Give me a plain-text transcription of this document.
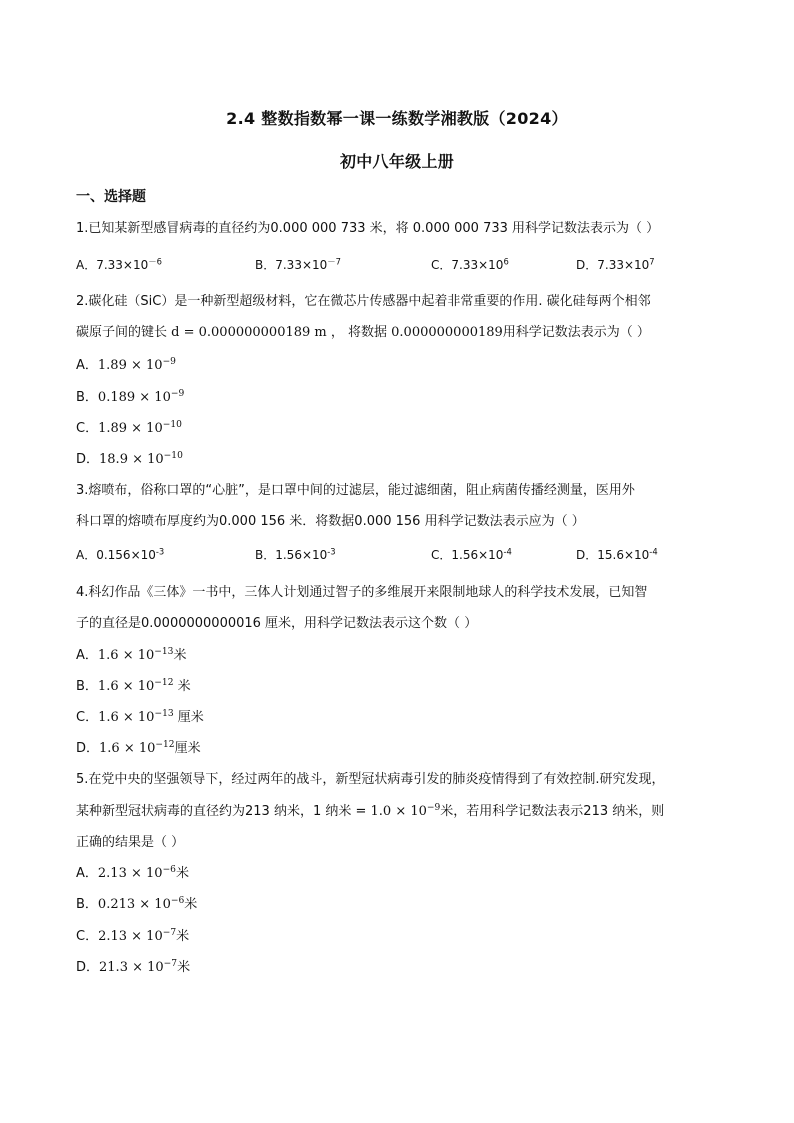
2.4 整数指数幂一课一练数学湘教版（2024）
初中八年级上册
一、选择题
1.已知某新型感冒病毒的直径约为0.000 000 733 米，将 0.000 000 733 用科学记数法表示为（ ）
A．$7.33\times 10^{-6}$	B．$7.33\times 10^{-7}$	C．$7.33\times 10^6$	D．$7.33\times 10^7$
2.碳化硅（SiC）是一种新型超级材料，它在微芯片传感器中起着非常重要的作用. 碳化硅每两个相邻
碳原子间的键长 d = 0.000000000189 m ， 将数据 0.000000000189用科学记数法表示为（ ）
A．$1.89 \times 10^{-9}$
B．$0.189 \times 10^{-9}$
C．$1.89 \times 10^{-10}$
D．$18.9 \times 10^{-10}$
3.熔喷布，俗称口罩的“心脏”，是口罩中间的过滤层，能过滤细菌，阻止病菌传播经测量，医用外
科口罩的熔喷布厚度约为0.000 156 米．将数据0.000 156 用科学记数法表示应为（ ）
A．$0.156\times 10^{-3}$	B．$1.56\times 10^{-3}$	C．$1.56\times 10^{-4}$	D．$15.6\times 10^{-4}$
4.科幻作品《三体》一书中，三体人计划通过智子的多维展开来限制地球人的科学技术发展，已知智
子的直径是0.0000000000016 厘米，用科学记数法表示这个数（ ）
A．$1.6 \times 10^{-13}$米
B．$1.6 \times 10^{-12}$ 米
C．$1.6 \times 10^{-13}$ 厘米
D．$1.6 \times 10^{-12}$厘米
5.在党中央的坚强领导下，经过两年的战斗，新型冠状病毒引发的肺炎疫情得到了有效控制.研究发现，
某种新型冠状病毒的直径约为213 纳米，1 纳米 = $1.0 \times 10^{-9}$米，若用科学记数法表示213 纳米，则
正确的结果是（ ）
A．$2.13 \times 10^{-6}$米
B．$0.213 \times 10^{-6}$米
C．$2.13 \times 10^{-7}$米
D．$21.3 \times 10^{-7}$米
